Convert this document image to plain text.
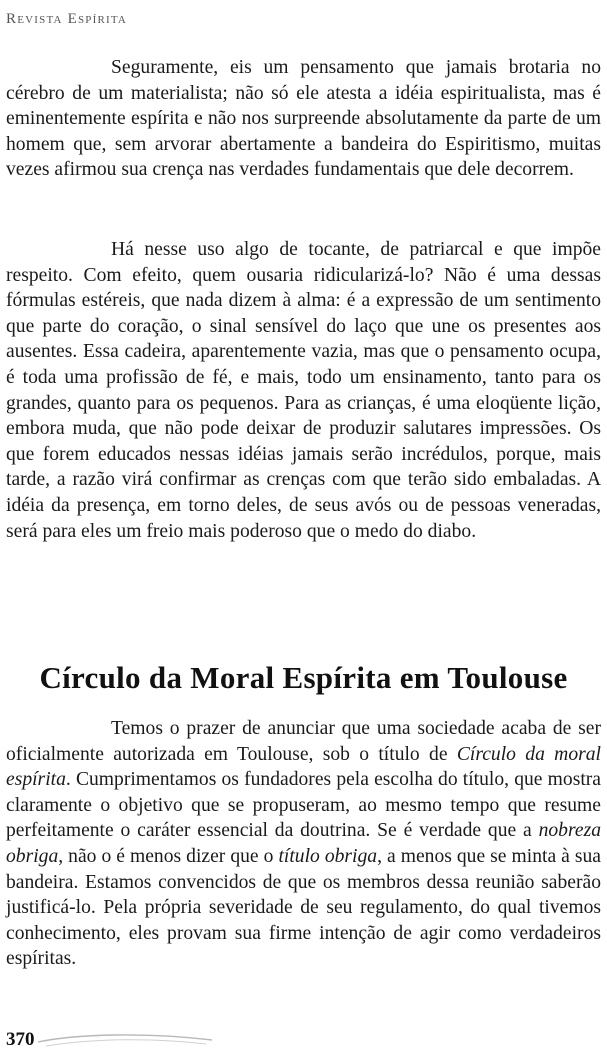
Revista Espírita

Seguramente, eis um pensamento que jamais brotaria no cérebro de um materialista; não só ele atesta a idéia espiritualista, mas é eminentemente espírita e não nos surpreende absolutamente da parte de um homem que, sem arvorar abertamente a bandeira do Espiritismo, muitas vezes afirmou sua crença nas verdades fundamentais que dele decorrem.

Há nesse uso algo de tocante, de patriarcal e que impõe respeito. Com efeito, quem ousaria ridicularizá-lo? Não é uma dessas fórmulas estéreis, que nada dizem à alma: é a expressão de um sentimento que parte do coração, o sinal sensível do laço que une os presentes aos ausentes. Essa cadeira, aparentemente vazia, mas que o pensamento ocupa, é toda uma profissão de fé, e mais, todo um ensinamento, tanto para os grandes, quanto para os pequenos. Para as crianças, é uma eloqüente lição, embora muda, que não pode deixar de produzir salutares impressões. Os que forem educados nessas idéias jamais serão incrédulos, porque, mais tarde, a razão virá confirmar as crenças com que terão sido embaladas. A idéia da presença, em torno deles, de seus avós ou de pessoas veneradas, será para eles um freio mais poderoso que o medo do diabo.

Círculo da Moral Espírita em Toulouse

Temos o prazer de anunciar que uma sociedade acaba de ser oficialmente autorizada em Toulouse, sob o título de Círculo da moral espírita. Cumprimentamos os fundadores pela escolha do título, que mostra claramente o objetivo que se propuseram, ao mesmo tempo que resume perfeitamente o caráter essencial da doutrina. Se é verdade que a nobreza obriga, não o é menos dizer que o título obriga, a menos que se minta à sua bandeira. Estamos convencidos de que os membros dessa reunião saberão justificá-lo. Pela própria severidade de seu regulamento, do qual tivemos conhecimento, eles provam sua firme intenção de agir como verdadeiros espíritas.

370
